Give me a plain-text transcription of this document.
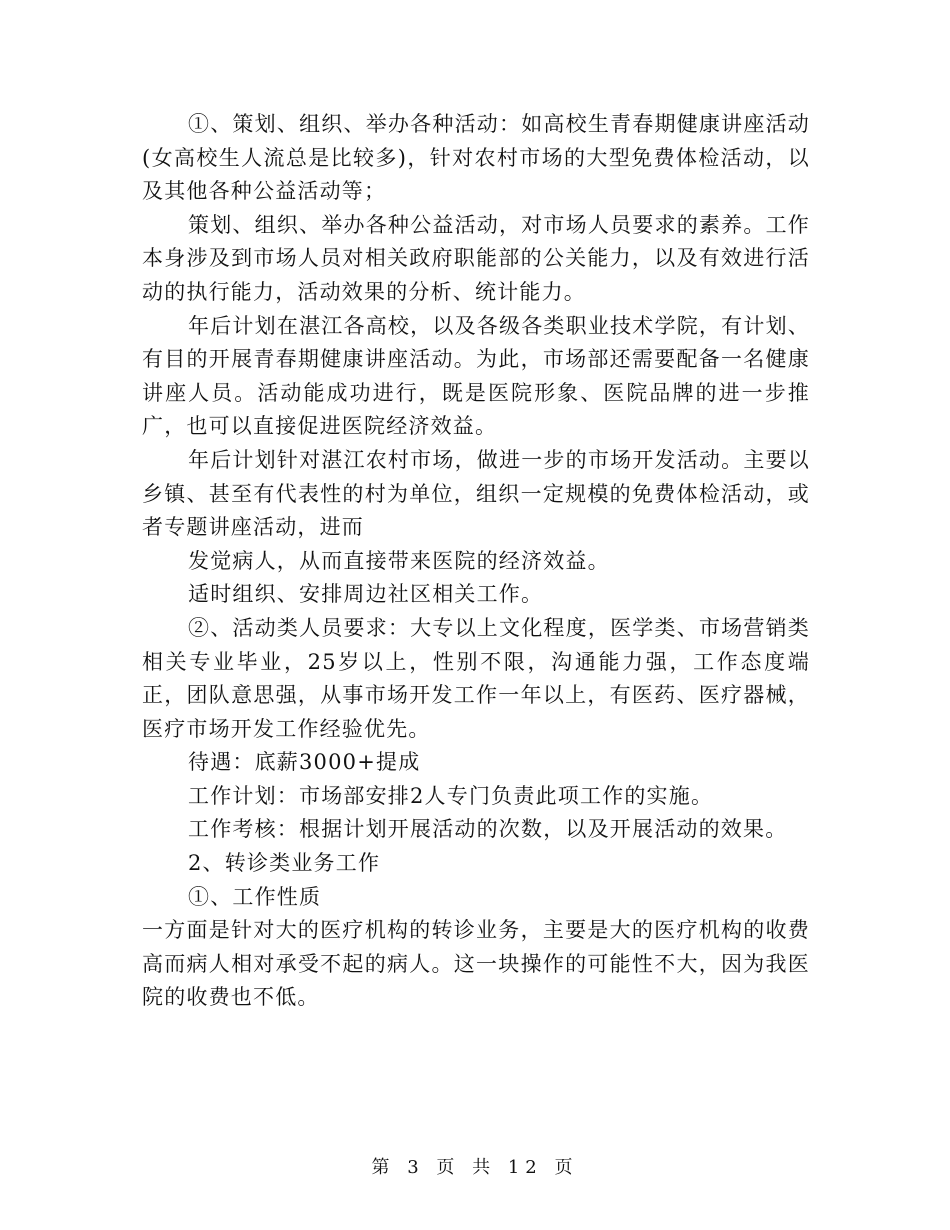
①、策划、组织、举办各种活动：如高校生青春期健康讲座活动(女高校生人流总是比较多)，针对农村市场的大型免费体检活动，以及其他各种公益活动等；

策划、组织、举办各种公益活动，对市场人员要求的素养。工作本身涉及到市场人员对相关政府职能部的公关能力，以及有效进行活动的执行能力，活动效果的分析、统计能力。

年后计划在湛江各高校，以及各级各类职业技术学院，有计划、有目的开展青春期健康讲座活动。为此，市场部还需要配备一名健康讲座人员。活动能成功进行，既是医院形象、医院品牌的进一步推广，也可以直接促进医院经济效益。

年后计划针对湛江农村市场，做进一步的市场开发活动。主要以乡镇、甚至有代表性的村为单位，组织一定规模的免费体检活动，或者专题讲座活动，进而

发觉病人，从而直接带来医院的经济效益。

适时组织、安排周边社区相关工作。

②、活动类人员要求：大专以上文化程度，医学类、市场营销类相关专业毕业，25岁以上，性别不限，沟通能力强，工作态度端正，团队意思强，从事市场开发工作一年以上，有医药、医疗器械，医疗市场开发工作经验优先。

待遇：底薪3000+提成

工作计划：市场部安排2人专门负责此项工作的实施。

工作考核：根据计划开展活动的次数，以及开展活动的效果。

2、转诊类业务工作

①、工作性质

一方面是针对大的医疗机构的转诊业务，主要是大的医疗机构的收费高而病人相对承受不起的病人。这一块操作的可能性不大，因为我医院的收费也不低。

第 3 页 共 12 页
